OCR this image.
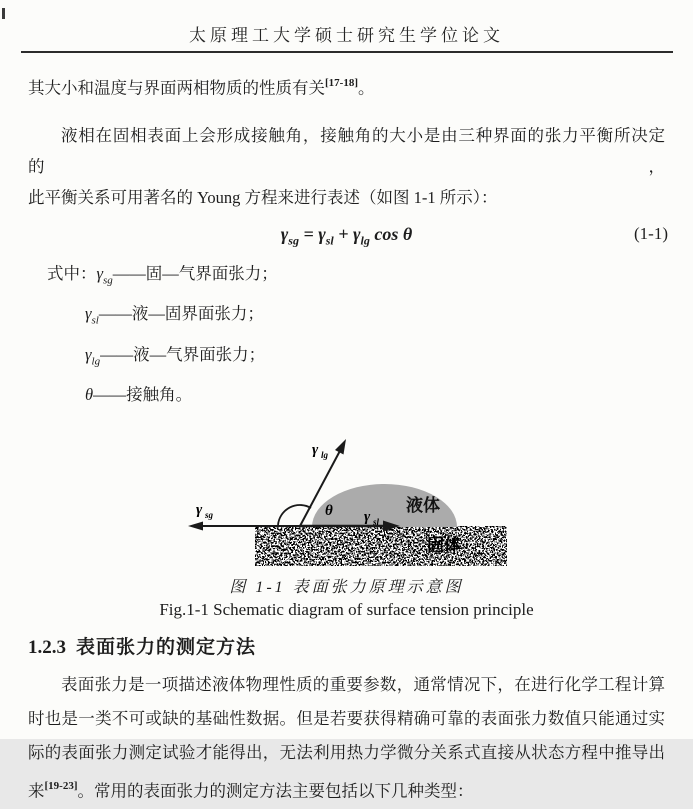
太原理工大学硕士研究生学位论文

其大小和温度与界面两相物质的性质有关[17-18]。

液相在固相表面上会形成接触角，接触角的大小是由三种界面的张力平衡所决定的，
此平衡关系可用著名的 Young 方程来进行表述（如图 1-1 所示）：
$\gamma_{sg} = \gamma_{sl} + \gamma_{lg}$ cos θ	(1-1)
式中：$\gamma_{sg}——$固—气界面张力；
$\gamma_{sl}——$液—固界面张力；
$\gamma_{lg}——$液—气界面张力；
θ——接触角。
γ lg
γ sg	γ sl
θ	液体
固体
图 1-1 表面张力原理示意图
Fig.1-1 Schematic diagram of surface tension principle
1.2.3 表面张力的测定方法
表面张力是一项描述液体物理性质的重要参数，通常情况下，在进行化学工程计算
时也是一类不可或缺的基础性数据。但是若要获得精确可靠的表面张力数值只能通过实
际的表面张力测定试验才能得出，无法利用热力学微分关系式直接从状态方程中推导出
来[19-23]。常用的表面张力的测定方法主要包括以下几种类型：
